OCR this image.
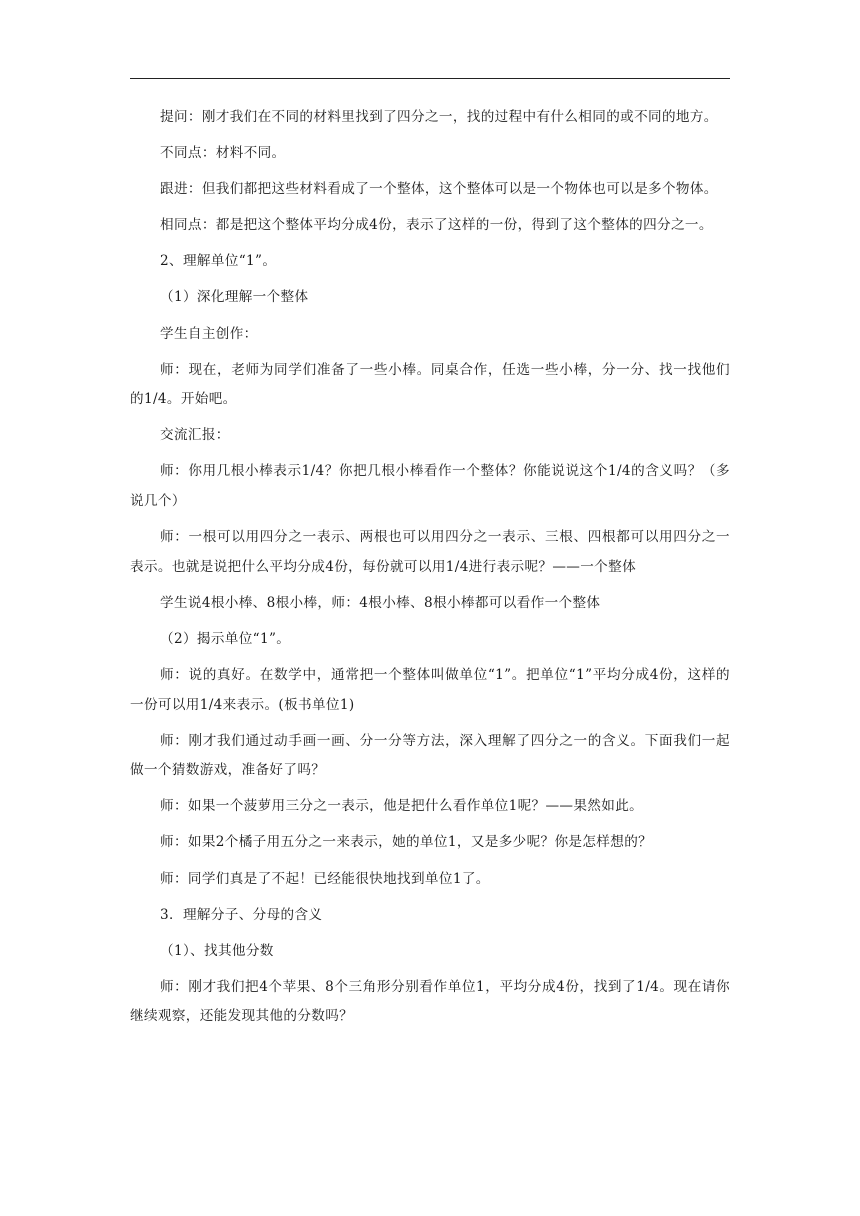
提问：刚才我们在不同的材料里找到了四分之一，找的过程中有什么相同的或不同的地方。

不同点：材料不同。

跟进：但我们都把这些材料看成了一个整体，这个整体可以是一个物体也可以是多个物体。

相同点：都是把这个整体平均分成4份，表示了这样的一份，得到了这个整体的四分之一。

2、理解单位“1”。

（1）深化理解一个整体

学生自主创作：

师：现在，老师为同学们准备了一些小棒。同桌合作，任选一些小棒，分一分、找一找他们的1/4。开始吧。

交流汇报：

师：你用几根小棒表示1/4？你把几根小棒看作一个整体？你能说说这个1/4的含义吗？（多说几个）

师：一根可以用四分之一表示、两根也可以用四分之一表示、三根、四根都可以用四分之一表示。也就是说把什么平均分成4份，每份就可以用1/4进行表示呢？——一个整体

学生说4根小棒、8根小棒，师：4根小棒、8根小棒都可以看作一个整体

（2）揭示单位“1”。

师：说的真好。在数学中，通常把一个整体叫做单位“1”。把单位“1”平均分成4份，这样的一份可以用1/4来表示。(板书单位1)

师：刚才我们通过动手画一画、分一分等方法，深入理解了四分之一的含义。下面我们一起做一个猜数游戏，准备好了吗？

师：如果一个菠萝用三分之一表示，他是把什么看作单位1呢？——果然如此。

师：如果2个橘子用五分之一来表示，她的单位1，又是多少呢？你是怎样想的？

师：同学们真是了不起！已经能很快地找到单位1了。

3．理解分子、分母的含义

（1）、找其他分数

师：刚才我们把4个苹果、8个三角形分别看作单位1，平均分成4份，找到了1/4。现在请你继续观察，还能发现其他的分数吗？
